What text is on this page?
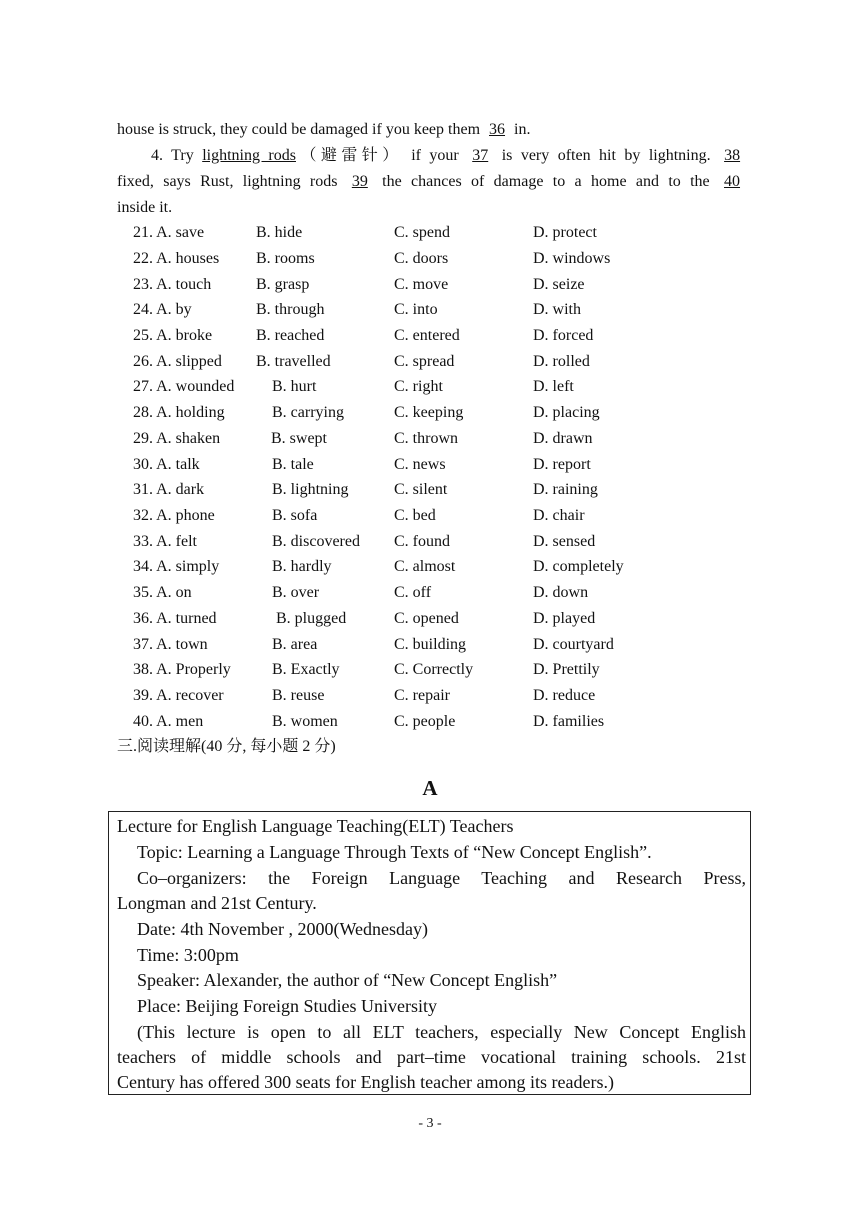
house is struck, they could be damaged if you keep them 36 in.
4. Try lightning rods（避雷针） if your 37 is very often hit by lightning. 38
fixed, says Rust, lightning rods 39 the chances of damage to a home and to the 40
inside it.
21. A. save	B. hide	C. spend	D. protect
22. A. houses B. rooms	C. doors	D. windows
23. A. touch	B. grasp	C. move	D. seize
24. A. by	B. through	C. into	D. with
25. A. broke	B. reached	C. entered	D. forced
26. A. slipped B. travelled	C. spread	D. rolled
27. A. wounded B. hurt	C. right	D. left
28. A. holding	B. carrying	C. keeping	D. placing
29. A. shaken	B. swept	C. thrown	D. drawn
30. A. talk	B. tale	C. news	D. report
31. A. dark	B. lightning	C. silent	D. raining
32. A. phone	B. sofa	C. bed	D. chair
33. A. felt	B. discovered C. found	D. sensed
34. A. simply	B. hardly	C. almost	D. completely
35. A. on	B. over	C. off	D. down
36. A. turned	B. plugged	C. opened	D. played
37. A. town	B. area	C. building	D. courtyard
38. A. Properly	B. Exactly	C. Correctly	D. Prettily
39. A. recover	B. reuse	C. repair	D. reduce
40. A. men	B. women	C. people	D. families
三.阅读理解(40 分, 每小题 2 分)
A
Lecture for English Language Teaching(ELT) Teachers
Topic: Learning a Language Through Texts of “New Concept English”.
Co–organizers: the Foreign Language Teaching and Research Press,
Longman and 21st Century.
Date: 4th November , 2000(Wednesday)
Time: 3:00pm
Speaker: Alexander, the author of “New Concept English”
Place: Beijing Foreign Studies University
(This lecture is open to all ELT teachers, especially New Concept English
teachers of middle schools and part–time vocational training schools. 21st
Century has offered 300 seats for English teacher among its readers.)
- 3 -
